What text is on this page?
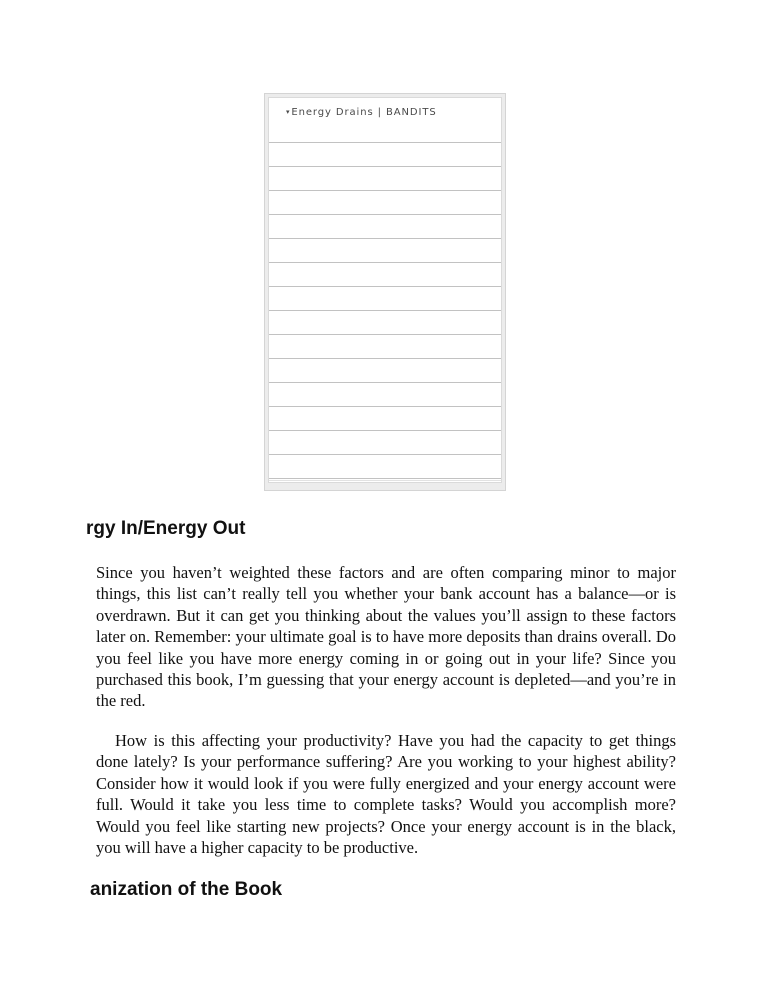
▾Energy Drains | BANDITS
rgy In/Energy Out

Since you haven’t weighted these factors and are often comparing minor to major things, this list can’t really tell you whether your bank account has a balance—or is overdrawn. But it can get you thinking about the values you’ll assign to these factors later on. Remember: your ultimate goal is to have more deposits than drains overall. Do you feel like you have more energy coming in or going out in your life? Since you purchased this book, I’m guessing that your energy account is depleted—and you’re in the red.

How is this affecting your productivity? Have you had the capacity to get things done lately? Is your performance suffering? Are you working to your highest ability? Consider how it would look if you were fully energized and your energy account were full. Would it take you less time to complete tasks? Would you accomplish more? Would you feel like starting new projects? Once your energy account is in the black, you will have a higher capacity to be productive.

anization of the Book
